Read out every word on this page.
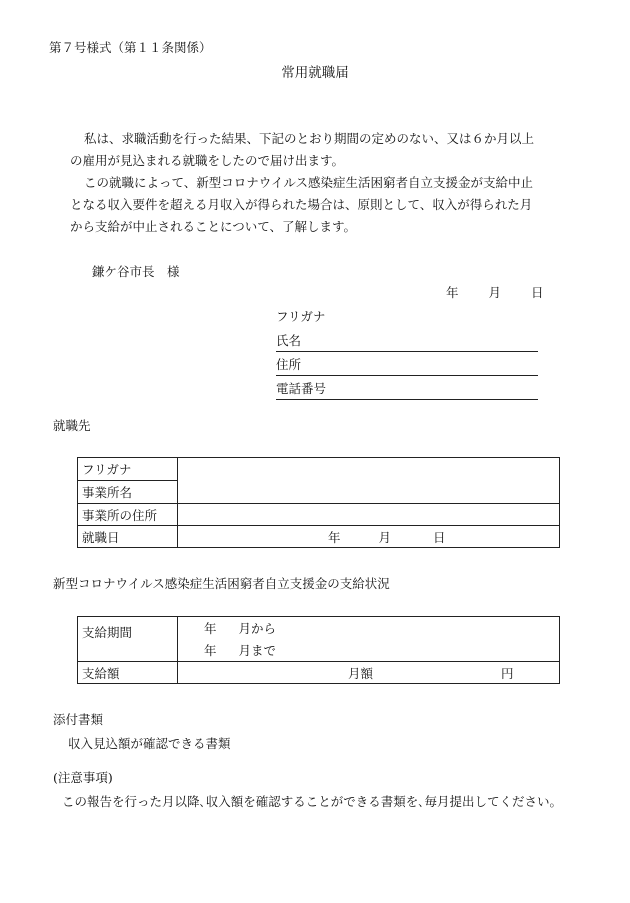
第７号様式（第１１条関係）
常用就職届

私は、求職活動を行った結果、下記のとおり期間の定めのない、又は６か月以上

の雇用が見込まれる就職をしたので届け出ます。

この就職によって、新型コロナウイルス感染症生活困窮者自立支援金が支給中止

となる収入要件を超える月収入が得られた場合は、原則として、収入が得られた月

から支給が中止されることについて、了解します。

鎌ケ谷市長　様
年 月 日
フリガナ
氏名
住所
電話番号
就職先
フリガナ	
事業所名	
事業所の住所	
就職日	年 月 日
新型コロナウイルス感染症生活困窮者自立支援金の支給状況
支給期間	年 月から
	年 月まで
支給額	月額 円
添付書類
収入見込額が確認できる書類
(注意事項)
この報告を行った月以降､収入額を確認することができる書類を､毎月提出してください。
